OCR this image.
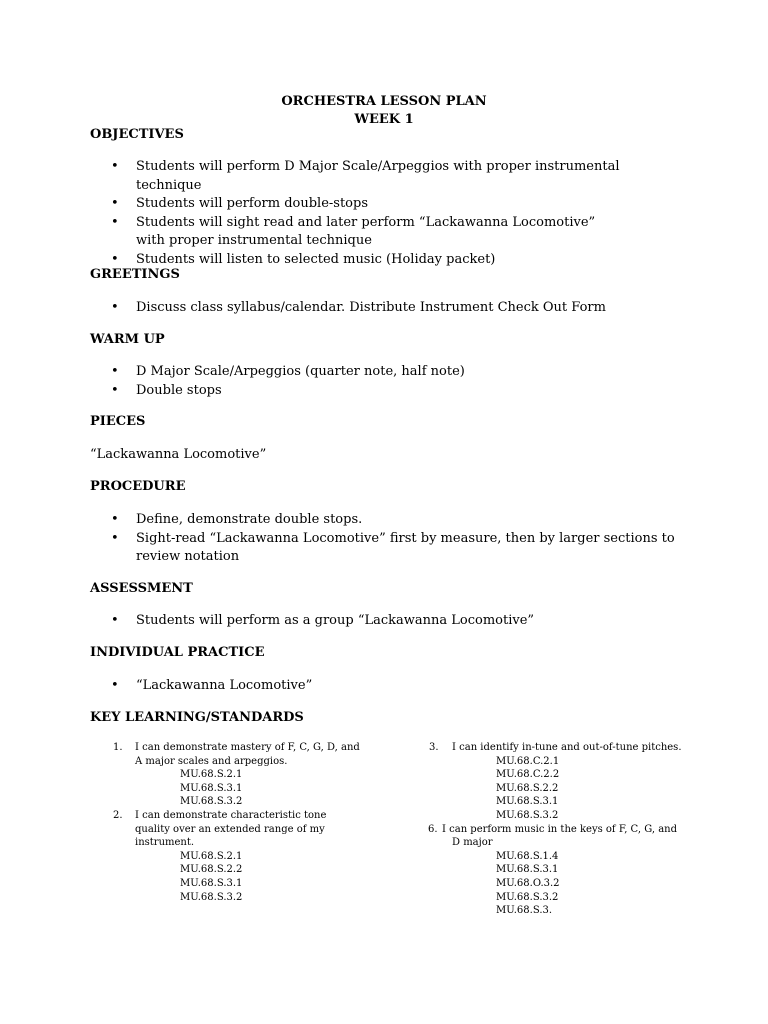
ORCHESTRA LESSON PLAN
WEEK 1
OBJECTIVES
• Students will perform D Major Scale/Arpeggios with proper instrumental technique
• Students will perform double-stops
• Students will sight read and later perform “Lackawanna Locomotive” with proper instrumental technique
• Students will listen to selected music (Holiday packet)
GREETINGS
• Discuss class syllabus/calendar. Distribute Instrument Check Out Form
WARM UP
• D Major Scale/Arpeggios (quarter note, half note)
• Double stops
PIECES
“Lackawanna Locomotive”
PROCEDURE
• Define, demonstrate double stops.
• Sight-read “Lackawanna Locomotive” first by measure, then by larger sections to review notation
ASSESSMENT
• Students will perform as a group “Lackawanna Locomotive”
INDIVIDUAL PRACTICE
• “Lackawanna Locomotive”
KEY LEARNING/STANDARDS
1. I can demonstrate mastery of F, C, G, D, and A major scales and arpeggios.
MU.68.S.2.1
MU.68.S.3.1
MU.68.S.3.2
2. I can demonstrate characteristic tone quality over an extended range of my instrument.
MU.68.S.2.1
MU.68.S.2.2
MU.68.S.3.1
MU.68.S.3.2
3. I can identify in-tune and out-of-tune pitches.
MU.68.C.2.1
MU.68.C.2.2
MU.68.S.2.2
MU.68.S.3.1
MU.68.S.3.2
6. I can perform music in the keys of F, C, G, and D major
MU.68.S.1.4
MU.68.S.3.1
MU.68.O.3.2
MU.68.S.3.2
MU.68.S.3.
